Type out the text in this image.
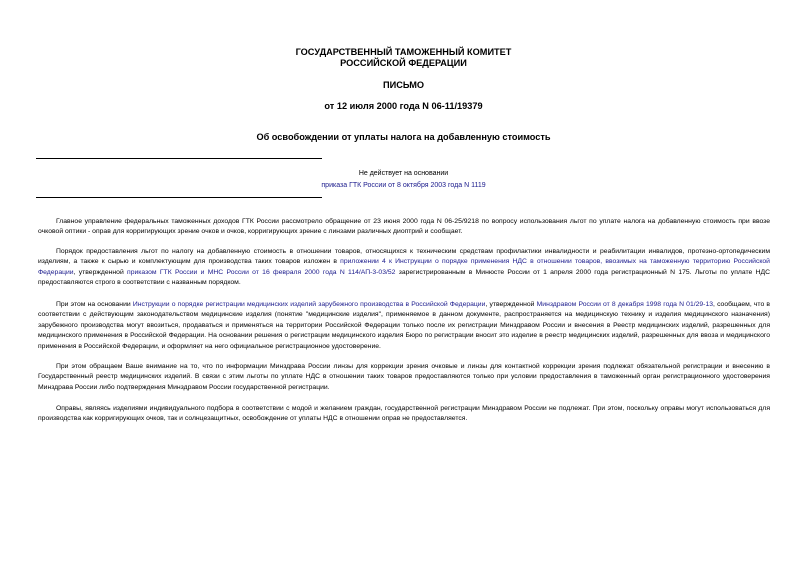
ГОСУДАРСТВЕННЫЙ ТАМОЖЕННЫЙ КОМИТЕТ
РОССИЙСКОЙ ФЕДЕРАЦИИ
ПИСЬМО
от 12 июля 2000 года N 06-11/19379
Об освобождении от уплаты налога на добавленную стоимость
Не действует на основании
приказа ГТК России от 8 октября 2003 года N 1119
Главное управление федеральных таможенных доходов ГТК России рассмотрело обращение от 23 июня 2000 года N 06-25/9218 по вопросу использования льгот по уплате налога на добавленную стоимость при ввозе очковой оптики - оправ для корригирующих зрение очков и очков, корригирующих зрение с линзами различных диоптрий и сообщает.
Порядок предоставления льгот по налогу на добавленную стоимость в отношении товаров, относящихся к техническим средствам профилактики инвалидности и реабилитации инвалидов, протезно-ортопедическим изделиям, а также к сырью и комплектующим для производства таких товаров изложен в приложении 4 к Инструкции о порядке применения НДС в отношении товаров, ввозимых на таможенную территорию Российской Федерации, утвержденной приказом ГТК России и МНС России от 16 февраля 2000 года N 114/АП-3-03/52 зарегистрированным в Минюсте России от 1 апреля 2000 года регистрационный N 175. Льготы по уплате НДС предоставляются строго в соответствии с названным порядком.
При этом на основании Инструкции о порядке регистрации медицинских изделий зарубежного производства в Российской Федерации, утвержденной Минздравом России от 8 декабря 1998 года N 01/29-13, сообщаем, что в соответствии с действующим законодательством медицинские изделия (понятие "медицинские изделия", применяемое в данном документе, распространяется на медицинскую технику и изделия медицинского назначения) зарубежного производства могут ввозиться, продаваться и применяться на территории Российской Федерации только после их регистрации Минздравом России и внесения в Реестр медицинских изделий, разрешенных для медицинского применения в Российской Федерации. На основании решения о регистрации медицинского изделия Бюро по регистрации вносит это изделие в реестр медицинских изделий, разрешенных для ввоза и медицинского применения в Российской Федерации, и оформляет на него официальное регистрационное удостоверение.
При этом обращаем Ваше внимание на то, что по информации Минздрава России линзы для коррекции зрения очковые и линзы для контактной коррекции зрения подлежат обязательной регистрации и внесению в Государственный реестр медицинских изделий. В связи с этим льготы по уплате НДС в отношении таких товаров предоставляются только при условии предоставления в таможенный орган регистрационного удостоверения Минздрава России либо подтверждения Минздравом России государственной регистрации.
Оправы, являясь изделиями индивидуального подбора в соответствии с модой и желанием граждан, государственной регистрации Минздравом России не подлежат. При этом, поскольку оправы могут использоваться для производства как корригирующих очков, так и солнцезащитных, освобождение от уплаты НДС в отношении оправ не предоставляется.
